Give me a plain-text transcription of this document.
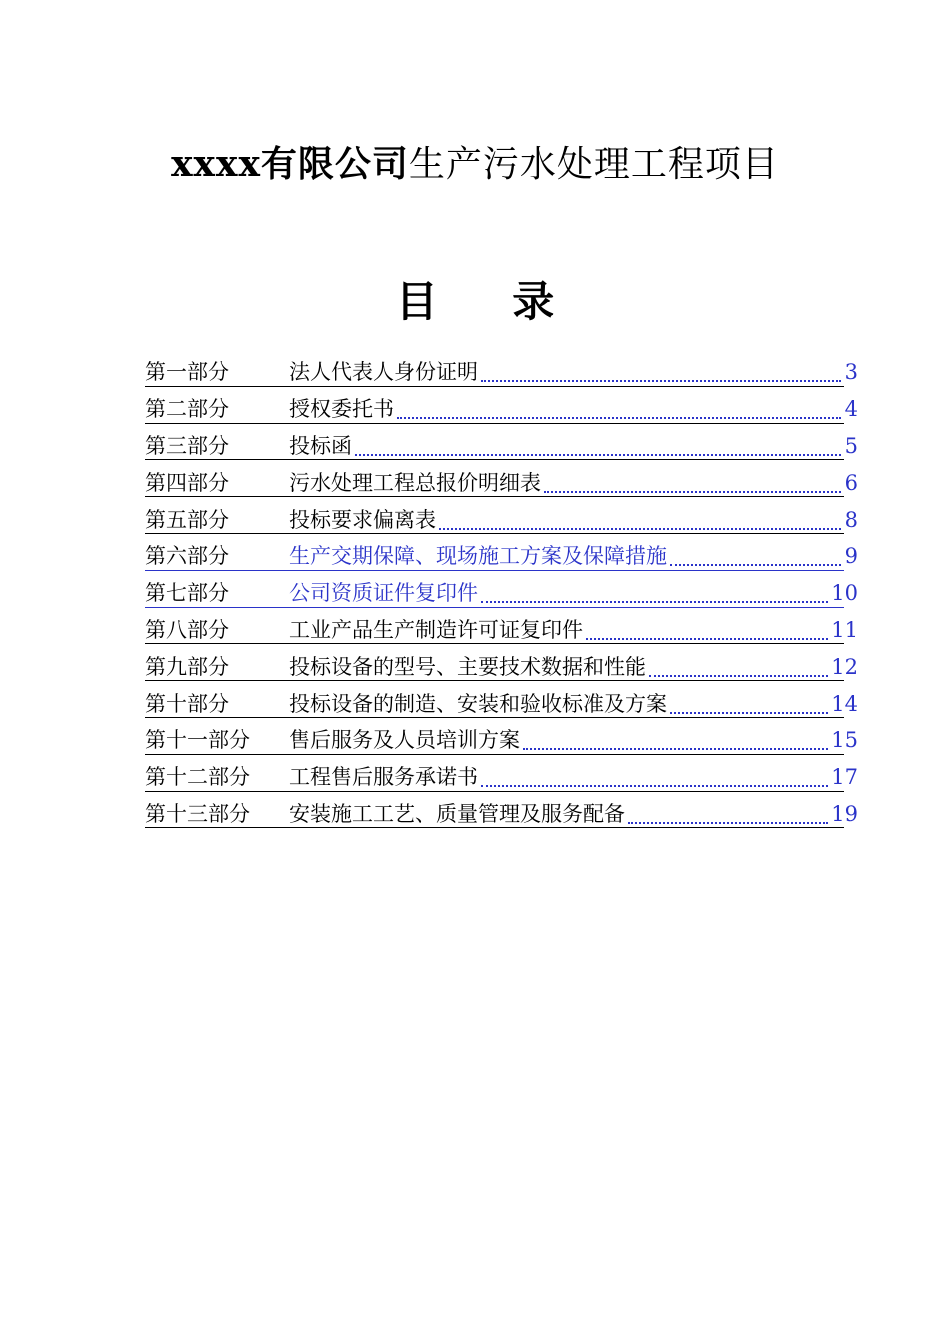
xxxx有限公司生产污水处理工程项目
目 录
第一部分	法人代表人身份证明	3
第二部分	授权委托书	4
第三部分	投标函	5
第四部分	污水处理工程总报价明细表	6
第五部分	投标要求偏离表	8
第六部分	生产交期保障、现场施工方案及保障措施	9
第七部分	公司资质证件复印件	10
第八部分	工业产品生产制造许可证复印件	11
第九部分	投标设备的型号、主要技术数据和性能	12
第十部分	投标设备的制造、安装和验收标准及方案	14
第十一部分	售后服务及人员培训方案	15
第十二部分	工程售后服务承诺书	17
第十三部分	安装施工工艺、质量管理及服务配备	19
